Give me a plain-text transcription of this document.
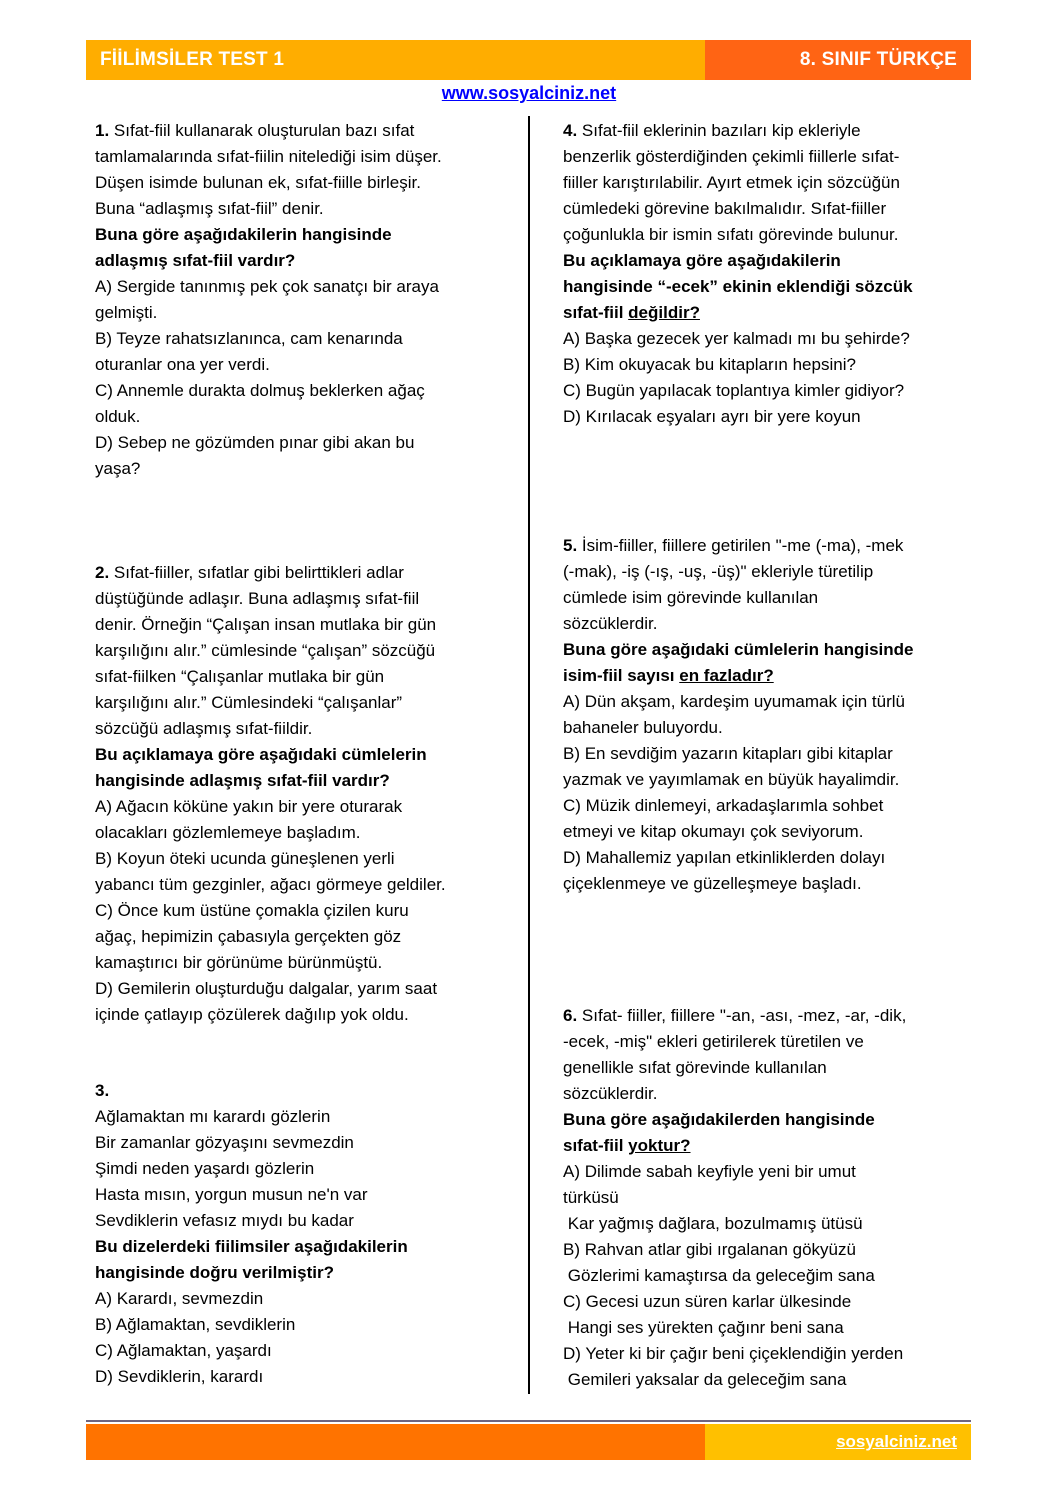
FİİLİMSİLER TEST 1	8. SINIF TÜRKÇE
www.sosyalciniz.net
1. Sıfat-fiil kullanarak oluşturulan bazı sıfat
tamlamalarında sıfat-fiilin nitelediği isim düşer.
Düşen isimde bulunan ek, sıfat-fiille birleşir.
Buna “adlaşmış sıfat-fiil” denir.
Buna göre aşağıdakilerin hangisinde
adlaşmış sıfat-fiil vardır?
A) Sergide tanınmış pek çok sanatçı bir araya
gelmişti.
B) Teyze rahatsızlanınca, cam kenarında
oturanlar ona yer verdi.
C) Annemle durakta dolmuş beklerken ağaç
olduk.
D) Sebep ne gözümden pınar gibi akan bu
yaşa?
2. Sıfat-fiiller, sıfatlar gibi belirttikleri adlar
düştüğünde adlaşır. Buna adlaşmış sıfat-fiil
denir. Örneğin “Çalışan insan mutlaka bir gün
karşılığını alır.” cümlesinde “çalışan” sözcüğü
sıfat-fiilken “Çalışanlar mutlaka bir gün
karşılığını alır.” Cümlesindeki “çalışanlar”
sözcüğü adlaşmış sıfat-fiildir.
Bu açıklamaya göre aşağıdaki cümlelerin
hangisinde adlaşmış sıfat-fiil vardır?
A) Ağacın köküne yakın bir yere oturarak
olacakları gözlemlemeye başladım.
B) Koyun öteki ucunda güneşlenen yerli
yabancı tüm gezginler, ağacı görmeye geldiler.
C) Önce kum üstüne çomakla çizilen kuru
ağaç, hepimizin çabasıyla gerçekten göz
kamaştırıcı bir görünüme bürünmüştü.
D) Gemilerin oluşturduğu dalgalar, yarım saat
içinde çatlayıp çözülerek dağılıp yok oldu.
3.
Ağlamaktan mı karardı gözlerin
Bir zamanlar gözyaşını sevmezdin
Şimdi neden yaşardı gözlerin
Hasta mısın, yorgun musun ne'n var
Sevdiklerin vefasız mıydı bu kadar
Bu dizelerdeki fiilimsiler aşağıdakilerin
hangisinde doğru verilmiştir?
A) Karardı, sevmezdin
B) Ağlamaktan, sevdiklerin
C) Ağlamaktan, yaşardı
D) Sevdiklerin, karardı
4. Sıfat-fiil eklerinin bazıları kip ekleriyle
benzerlik gösterdiğinden çekimli fiillerle sıfat-
fiiller karıştırılabilir. Ayırt etmek için sözcüğün
cümledeki görevine bakılmalıdır. Sıfat-fiiller
çoğunlukla bir ismin sıfatı görevinde bulunur.
Bu açıklamaya göre aşağıdakilerin
hangisinde “-ecek” ekinin eklendiği sözcük
sıfat-fiil değildir?
A) Başka gezecek yer kalmadı mı bu şehirde?
B) Kim okuyacak bu kitapların hepsini?
C) Bugün yapılacak toplantıya kimler gidiyor?
D) Kırılacak eşyaları ayrı bir yere koyun
5. İsim-fiiller, fiillere getirilen "-me (-ma), -mek
(-mak), -iş (-ış, -uş, -üş)" ekleriyle türetilip
cümlede isim görevinde kullanılan
sözcüklerdir.
Buna göre aşağıdaki cümlelerin hangisinde
isim-fiil sayısı en fazladır?
A) Dün akşam, kardeşim uyumamak için türlü
bahaneler buluyordu.
B) En sevdiğim yazarın kitapları gibi kitaplar
yazmak ve yayımlamak en büyük hayalimdir.
C) Müzik dinlemeyi, arkadaşlarımla sohbet
etmeyi ve kitap okumayı çok seviyorum.
D) Mahallemiz yapılan etkinliklerden dolayı
çiçeklenmeye ve güzelleşmeye başladı.
6. Sıfat- fiiller, fiillere "-an, -ası, -mez, -ar, -dik,
-ecek, -miş" ekleri getirilerek türetilen ve
genellikle sıfat görevinde kullanılan
sözcüklerdir.
Buna göre aşağıdakilerden hangisinde
sıfat-fiil yoktur?
A) Dilimde sabah keyfiyle yeni bir umut
türküsü
Kar yağmış dağlara, bozulmamış ütüsü
B) Rahvan atlar gibi ırgalanan gökyüzü
Gözlerimi kamaştırsa da geleceğim sana
C) Gecesi uzun süren karlar ülkesinde
Hangi ses yürekten çağınr beni sana
D) Yeter ki bir çağır beni çiçeklendiğin yerden
Gemileri yaksalar da geleceğim sana
sosyalciniz.net
